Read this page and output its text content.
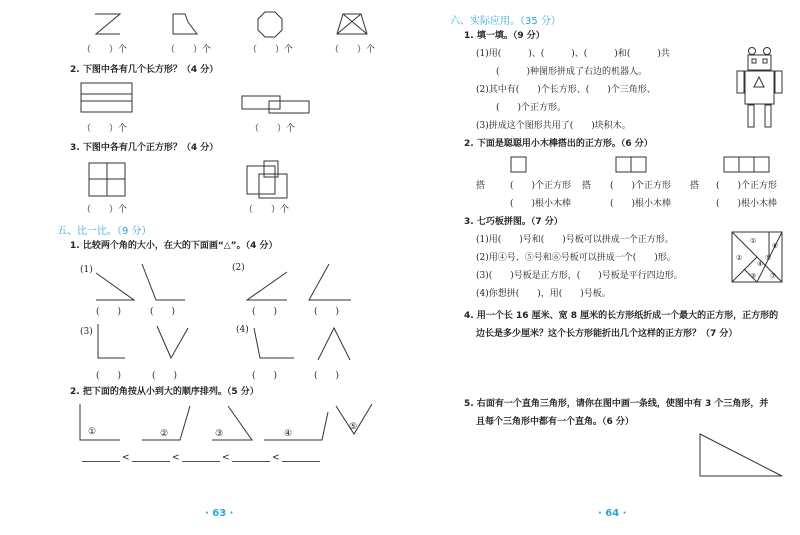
（　　）个	（　　）个	（　　）个	（　　）个
2. 下图中各有几个长方形？（4 分）
（　　）个	（　　）个
3. 下图中各有几个正方形？（4 分）
（　　）个	（　　）个
五、比一比。（9 分）
1. 比较两个角的大小，在大的下面画“△”。（4 分）
(1)	(2)
(　　)	(　　)	(　　)	(　　)
(3)	(4)
(　　)	(　　)	(　　)	(　　)
2. 把下面的角按从小到大的顺序排列。（5 分）
①	②	③	④
⑤
<	<	<	<
· 63 ·
六、实际应用。（35 分）
1. 填一填。（9 分）
(1)用(　　　)、(　　　)、(　　　)和(　　　)共
(　　　)种图形拼成了右边的机器人。
(2)其中有(　　)个长方形、(　　)个三角形、
(　　)个正方形。
(3)拼成这个图形共用了(　　)块积木。
2. 下面是聪聪用小木棒搭出的正方形。（6 分）
搭	(　　)个正方形 搭 (　　)个正方形 搭 (　　)个正方形
(　　)根小木棒	(　　)根小木棒	(　　)根小木棒
3. 七巧板拼图。（7 分）
(1)用(　　)号和(　　)号板可以拼成一个正方形。
(2)用④号、⑤号和⑥号板可以拼成一个(　　)形。
(3)(　　)号板是正方形，(　　)号板是平行四边形。
(4)你想拼(　　)，用(　　)号板。
①
②
③
④
⑤
⑥
⑦
4. 用一个长 16 厘米、宽 8 厘米的长方形纸折成一个最大的正方形，正方形的
边长是多少厘米？这个长方形能折出几个这样的正方形？（7 分）
5. 右面有一个直角三角形，请你在图中画一条线，使图中有 3 个三角形，并
且每个三角形中都有一个直角。（6 分）
· 64 ·
